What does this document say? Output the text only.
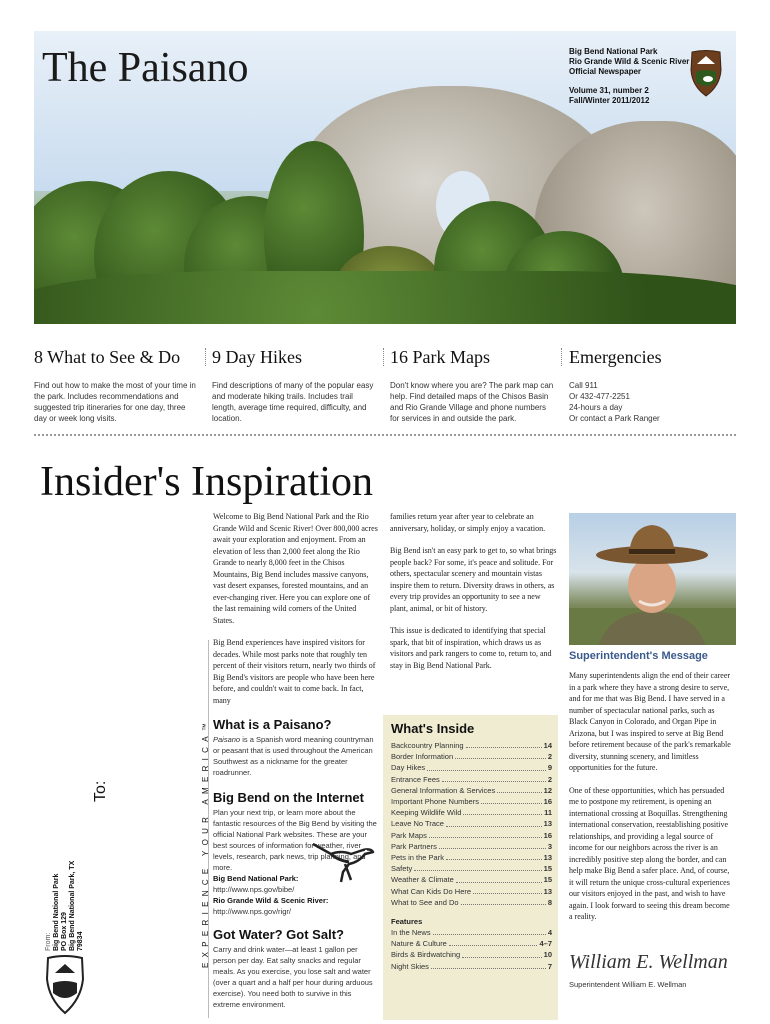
The Paisano	Big Bend National Park
Rio Grande Wild & Scenic River
Official Newspaper
Volume 31, number 2
Fall/Winter 2011/2012
8 What to See & Do

Find out how to make the most of your time in the park. Includes recommendations and suggested trip itineraries for one day, three day or week long visits.

9 Day Hikes

Find descriptions of many of the popular easy and moderate hiking trails. Includes trail length, average time required, difficulty, and location.

16 Park Maps

Don't know where you are? The park map can help. Find detailed maps of the Chisos Basin and Rio Grande Village and phone numbers for services in and outside the park.

Emergencies

Call 911
Or 432-477-2251
24-hours a day
Or contact a Park Ranger

Insider's Inspiration

Welcome to Big Bend National Park and the Rio Grande Wild and Scenic River! Over 800,000 acres await your exploration and enjoyment. From an elevation of less than 2,000 feet along the Rio Grande to nearly 8,000 feet in the Chisos Mountains, Big Bend includes massive canyons, vast desert expanses, forested mountains, and an ever-changing river. Here you can explore one of the last remaining wild corners of the United States.

Big Bend experiences have inspired visitors for decades. While most parks note that roughly ten percent of their visitors return, nearly two thirds of Big Bend's visitors are people who have been here before, and couldn't wait to come back. In fact, many

families return year after year to celebrate an anniversary, holiday, or simply enjoy a vacation.

Big Bend isn't an easy park to get to, so what brings people back? For some, it's peace and solitude. For others, spectacular scenery and mountain vistas inspire them to return. Diversity draws in others, as every trip provides an opportunity to see a new plant, animal, or bit of history.

This issue is dedicated to identifying that special spark, that bit of inspiration, which draws us as visitors and park rangers to come to, return to, and stay in Big Bend National Park.

What is a Paisano?

Paisano is a Spanish word meaning countryman or peasant that is used throughout the American Southwest as a nickname for the greater roadrunner.

Big Bend on the Internet

Plan your next trip, or learn more about the fantastic resources of the Big Bend by visiting the official National Park websites. These are your best sources of information for weather, river levels, research, park news, trip planning, and more.

Big Bend National Park:
http://www.nps.gov/bibe/
Rio Grande Wild & Scenic River:
http://www.nps.gov/rigr/
Got Water? Got Salt?

Carry and drink water—at least 1 gallon per person per day. Eat salty snacks and regular meals. As you exercise, you lose salt and water (over a quart and a half per hour during arduous exercise). You need both to survive in this extreme environment.

What's Inside
Backcountry Planning	14
Border Information	2
Day Hikes	9
Entrance Fees	2
General Information & Services	12
Important Phone Numbers	16
Keeping Wildlife Wild	11
Leave No Trace	13
Park Maps	16
Park Partners	3
Pets in the Park	13
Safety	15
Weather & Climate	15
What Can Kids Do Here	13
What to See and Do	8
Features
In the News	4
Nature & Culture	4–7
Birds & Birdwatching	10
Night Skies	7
EXPERIENCE YOUR AMERICA™
To:
From: Big Bend National Park PO Box 129 Big Bend National Park, TX 79834
Superintendent's Message

Many superintendents align the end of their career in a park where they have a strong desire to serve, and for me that was Big Bend. I have served in a number of spectacular national parks, such as Black Canyon in Colorado, and Organ Pipe in Arizona, but I was inspired to serve at Big Bend before retirement because of the park's remarkable diversity, stunning scenery, and limitless opportunities for the future.

One of these opportunities, which has persuaded me to postpone my retirement, is opening an international crossing at Boquillas. Strengthening international conservation, reestablishing positive relationships, and providing a legal source of income for our neighbors across the river is an incredibly positive step along the border, and can help make Big Bend a safer place. And, of course, it will return the unique cross-cultural experiences our visitors enjoyed in the past, and wish to have again. I look forward to seeing this dream become a reality.

William E. Wellman
Superintendent William E. Wellman
